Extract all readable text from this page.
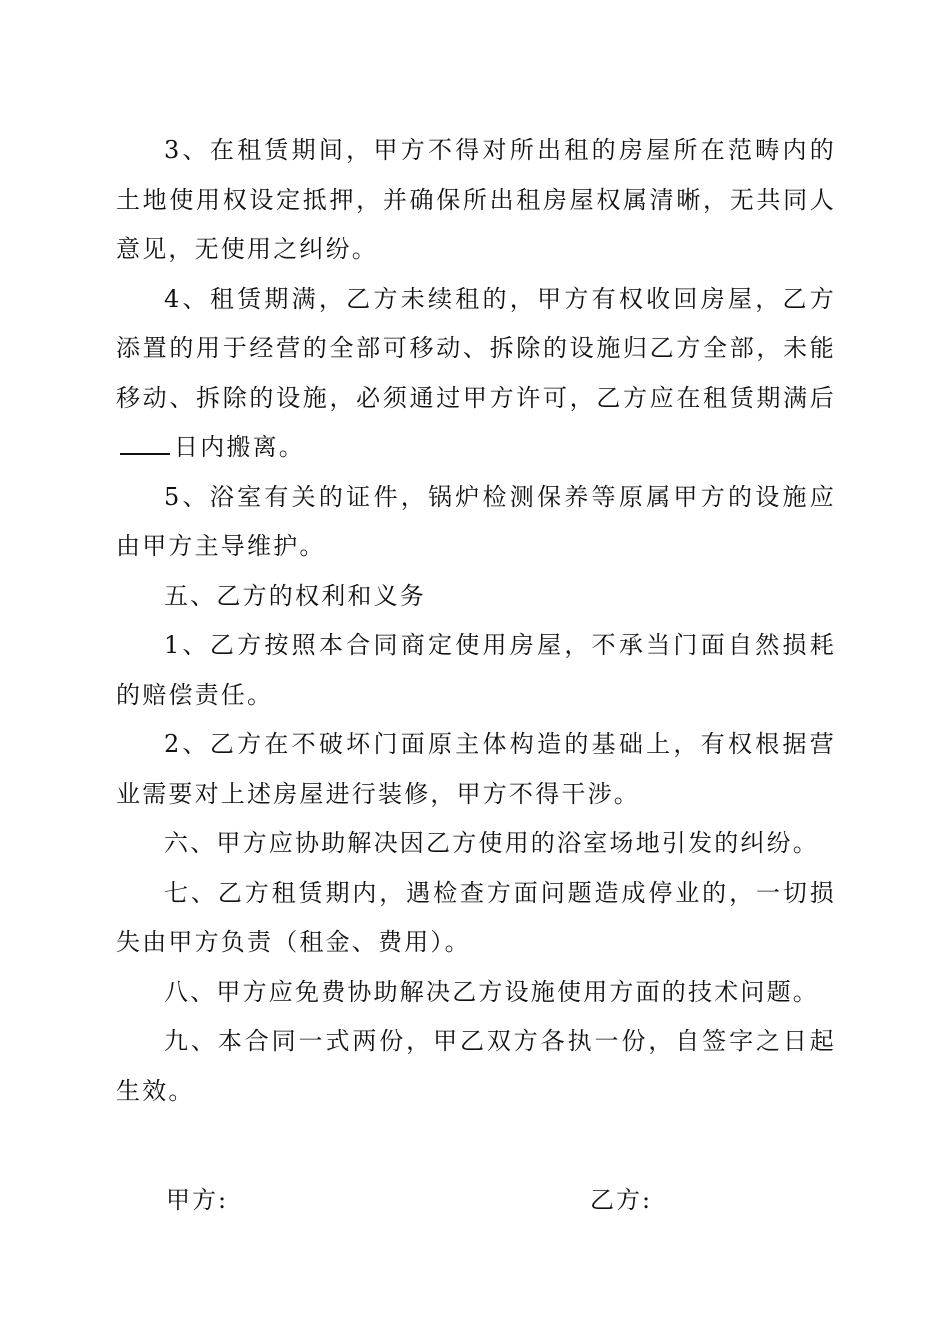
3、在租赁期间，甲方不得对所出租的房屋所在范畴内的土地使用权设定抵押，并确保所出租房屋权属清晰，无共同人意见，无使用之纠纷。

4、租赁期满，乙方未续租的，甲方有权收回房屋，乙方添置的用于经营的全部可移动、拆除的设施归乙方全部，未能移动、拆除的设施，必须通过甲方许可，乙方应在租赁期满后日内搬离。

5、浴室有关的证件，锅炉检测保养等原属甲方的设施应由甲方主导维护。

五、乙方的权利和义务

1、乙方按照本合同商定使用房屋，不承当门面自然损耗的赔偿责任。

2、乙方在不破坏门面原主体构造的基础上，有权根据营业需要对上述房屋进行装修，甲方不得干涉。

六、甲方应协助解决因乙方使用的浴室场地引发的纠纷。

七、乙方租赁期内，遇检查方面问题造成停业的，一切损失由甲方负责（租金、费用）。

八、甲方应免费协助解决乙方设施使用方面的技术问题。

九、本合同一式两份，甲乙双方各执一份，自签字之日起生效。

甲方:	乙方:
